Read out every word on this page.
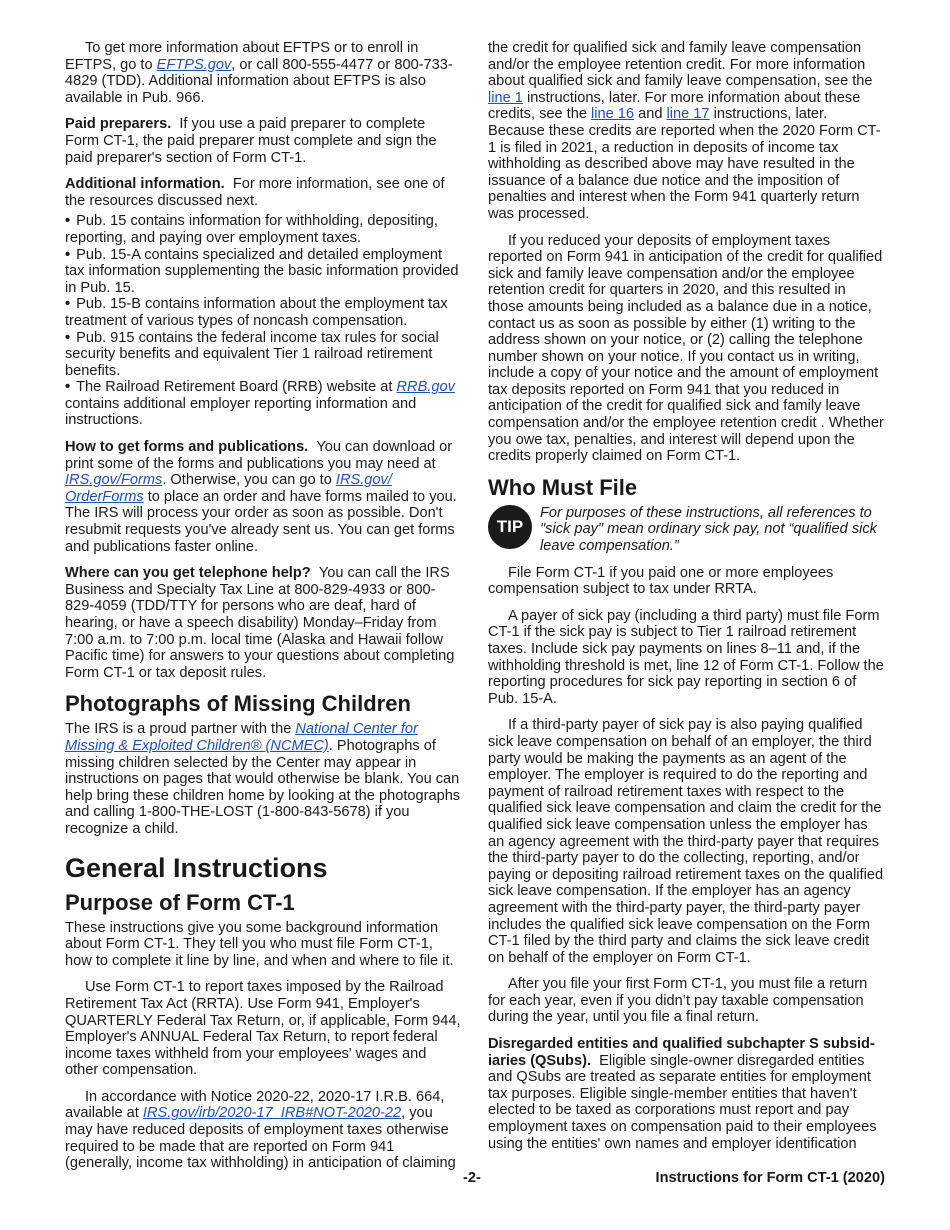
To get more information about EFTPS or to enroll in EFTPS, go to EFTPS.gov, or call 800-555-4477 or 800-733-4829 (TDD). Additional information about EFTPS is also available in Pub. 966.

Paid preparers. If you use a paid preparer to complete Form CT-1, the paid preparer must complete and sign the paid preparer's section of Form CT-1.

Additional information. For more information, see one of the resources discussed next.

• Pub. 15 contains information for withholding, depositing, reporting, and paying over employment taxes.
• Pub. 15-A contains specialized and detailed employment tax information supplementing the basic information provided in Pub. 15.
• Pub. 15-B contains information about the employment tax treatment of various types of noncash compensation.
• Pub. 915 contains the federal income tax rules for social security benefits and equivalent Tier 1 railroad retirement benefits.
• The Railroad Retirement Board (RRB) website at RRB.gov contains additional employer reporting information and instructions.

How to get forms and publications. You can download or print some of the forms and publications you may need at IRS.gov/Forms. Otherwise, you can go to IRS.gov/ OrderForms to place an order and have forms mailed to you. The IRS will process your order as soon as possible. Don't resubmit requests you've already sent us. You can get forms and publications faster online.

Where can you get telephone help? You can call the IRS Business and Specialty Tax Line at 800-829-4933 or 800-829-4059 (TDD/TTY for persons who are deaf, hard of hearing, or have a speech disability) Monday–Friday from 7:00 a.m. to 7:00 p.m. local time (Alaska and Hawaii follow Pacific time) for answers to your questions about completing Form CT-1 or tax deposit rules.

Photographs of Missing Children

The IRS is a proud partner with the National Center for Missing & Exploited Children® (NCMEC). Photographs of missing children selected by the Center may appear in instructions on pages that would otherwise be blank. You can help bring these children home by looking at the photographs and calling 1-800-THE-LOST (1-800-843-5678) if you recognize a child.

General Instructions
Purpose of Form CT-1

These instructions give you some background information about Form CT-1. They tell you who must file Form CT-1, how to complete it line by line, and when and where to file it.

Use Form CT-1 to report taxes imposed by the Railroad Retirement Tax Act (RRTA). Use Form 941, Employer's QUARTERLY Federal Tax Return, or, if applicable, Form 944, Employer's ANNUAL Federal Tax Return, to report federal income taxes withheld from your employees' wages and other compensation.

In accordance with Notice 2020-22, 2020-17 I.R.B. 664, available at IRS.gov/irb/2020-17_IRB#NOT-2020-22, you may have reduced deposits of employment taxes otherwise required to be made that are reported on Form 941 (generally, income tax withholding) in anticipation of claiming

the credit for qualified sick and family leave compensation and/or the employee retention credit. For more information about qualified sick and family leave compensation, see the line 1 instructions, later. For more information about these credits, see the line 16 and line 17 instructions, later. Because these credits are reported when the 2020 Form CT-1 is filed in 2021, a reduction in deposits of income tax withholding as described above may have resulted in the issuance of a balance due notice and the imposition of penalties and interest when the Form 941 quarterly return was processed.

If you reduced your deposits of employment taxes reported on Form 941 in anticipation of the credit for qualified sick and family leave compensation and/or the employee retention credit for quarters in 2020, and this resulted in those amounts being included as a balance due in a notice, contact us as soon as possible by either (1) writing to the address shown on your notice, or (2) calling the telephone number shown on your notice. If you contact us in writing, include a copy of your notice and the amount of employment tax deposits reported on Form 941 that you reduced in anticipation of the credit for qualified sick and family leave compensation and/or the employee retention credit . Whether you owe tax, penalties, and interest will depend upon the credits properly claimed on Form CT-1.

Who Must File
TIP
For purposes of these instructions, all references to "sick pay" mean ordinary sick pay, not “qualified sick leave compensation.”

File Form CT-1 if you paid one or more employees compensation subject to tax under RRTA.

A payer of sick pay (including a third party) must file Form CT-1 if the sick pay is subject to Tier 1 railroad retirement taxes. Include sick pay payments on lines 8–11 and, if the withholding threshold is met, line 12 of Form CT-1. Follow the reporting procedures for sick pay reporting in section 6 of Pub. 15-A.

If a third-party payer of sick pay is also paying qualified sick leave compensation on behalf of an employer, the third party would be making the payments as an agent of the employer. The employer is required to do the reporting and payment of railroad retirement taxes with respect to the qualified sick leave compensation and claim the credit for the qualified sick leave compensation unless the employer has an agency agreement with the third-party payer that requires the third-party payer to do the collecting, reporting, and/or paying or depositing railroad retirement taxes on the qualified sick leave compensation. If the employer has an agency agreement with the third-party payer, the third-party payer includes the qualified sick leave compensation on the Form CT-1 filed by the third party and claims the sick leave credit on behalf of the employer on Form CT-1.

After you file your first Form CT-1, you must file a return for each year, even if you didn’t pay taxable compensation during the year, until you file a final return.

Disregarded entities and qualified subchapter S subsid-iaries (QSubs). Eligible single-owner disregarded entities and QSubs are treated as separate entities for employment tax purposes. Eligible single-member entities that haven't elected to be taxed as corporations must report and pay employment taxes on compensation paid to their employees using the entities' own names and employer identification

-2-	Instructions for Form CT-1 (2020)
